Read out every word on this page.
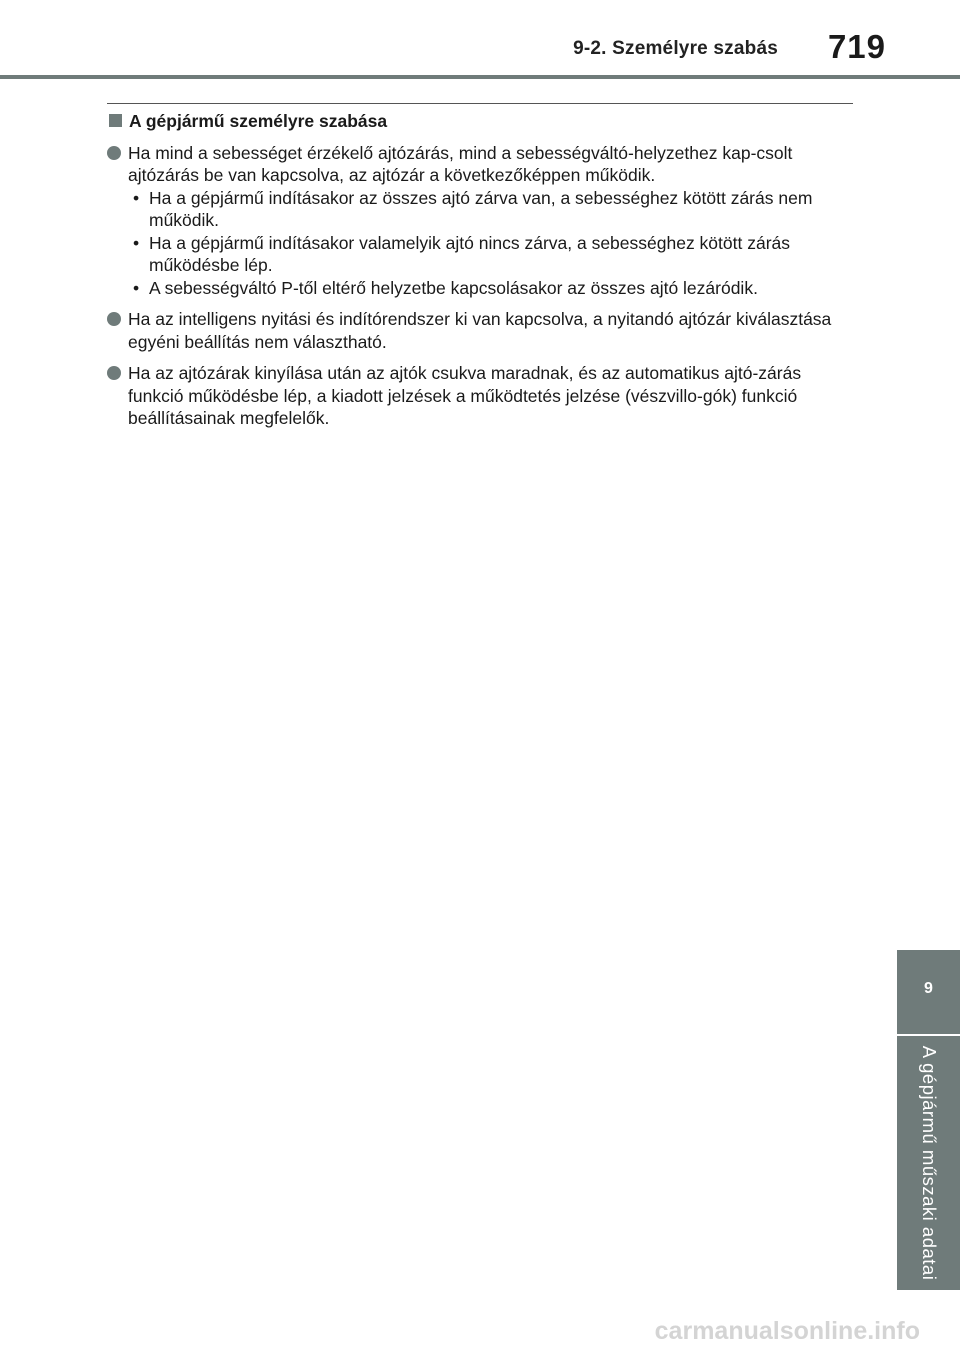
9-2. Személyre szabás 719
A gépjármű személyre szabása
Ha mind a sebességet érzékelő ajtózárás, mind a sebességváltó-helyzethez kap-csolt ajtózárás be van kapcsolva, az ajtózár a következőképpen működik.
• Ha a gépjármű indításakor az összes ajtó zárva van, a sebességhez kötött zárás nem működik.
• Ha a gépjármű indításakor valamelyik ajtó nincs zárva, a sebességhez kötött zárás működésbe lép.
• A sebességváltó P-től eltérő helyzetbe kapcsolásakor az összes ajtó lezáródik.
Ha az intelligens nyitási és indítórendszer ki van kapcsolva, a nyitandó ajtózár kiválasztása egyéni beállítás nem választható.
Ha az ajtózárak kinyílása után az ajtók csukva maradnak, és az automatikus ajtó-zárás funkció működésbe lép, a kiadott jelzések a működtetés jelzése (vészvillo-gók) funkció beállításainak megfelelők.
9
A gépjármű műszaki adatai
carmanualsonline.info
